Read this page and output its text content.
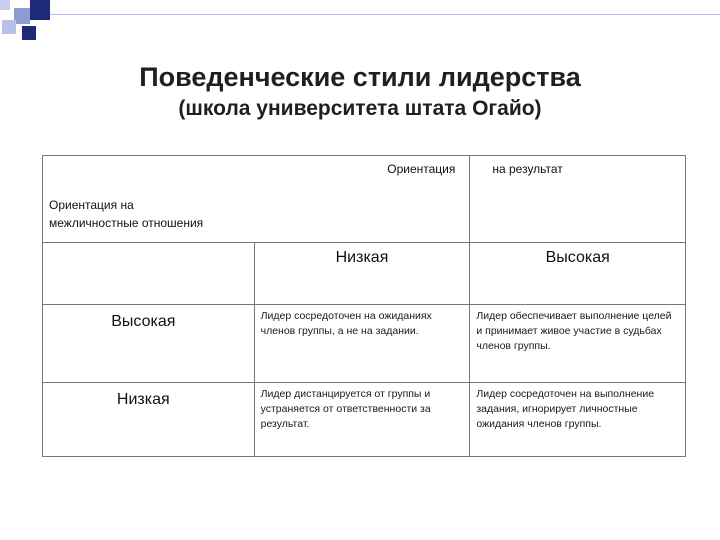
Поведенческие стили лидерства
(школа университета штата Огайо)
Ориентация
Ориентация на
межличностные отношения		на результат

	Низкая	Высокая

Высокая	Лидер сосредоточен на ожиданиях членов группы, а не на задании.	Лидер обеспечивает выполнение целей и принимает живое участие в судьбах членов группы.

Низкая	Лидер дистанцируется от группы и устраняется от ответственности за результат.	Лидер сосредоточен на выполнение задания, игнорирует личностные ожидания членов группы.
